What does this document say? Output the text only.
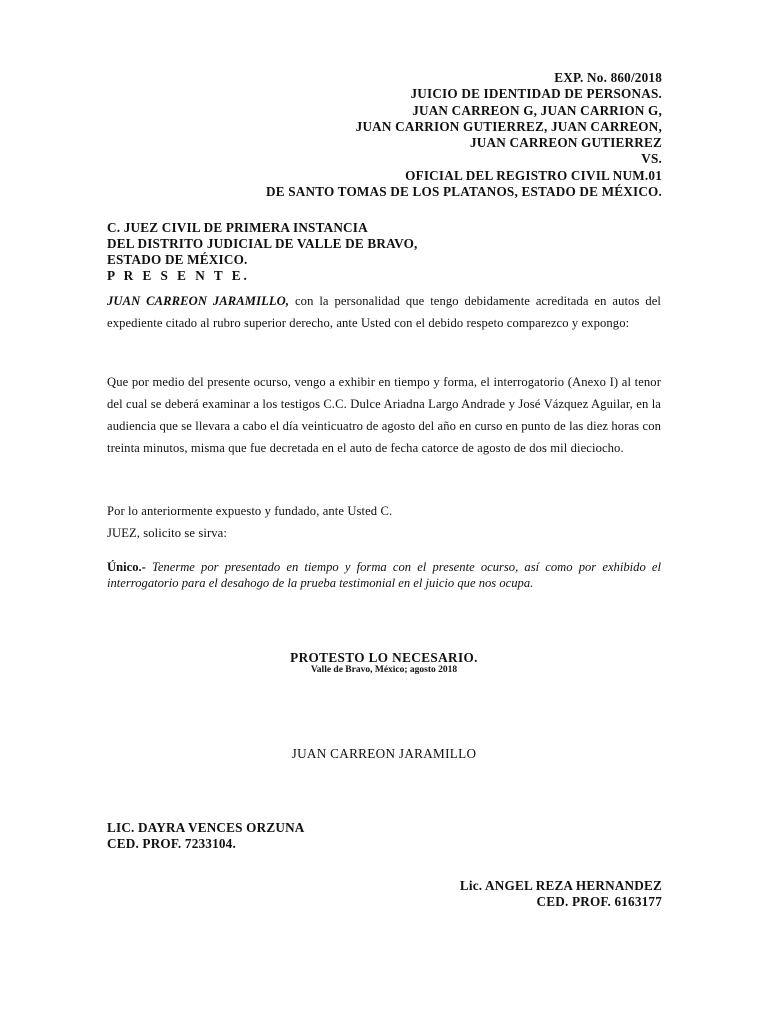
EXP. No. 860/2018
JUICIO DE IDENTIDAD DE PERSONAS.
JUAN CARREON G, JUAN CARRION G,
JUAN CARRION GUTIERREZ, JUAN CARREON,
JUAN CARREON GUTIERREZ
VS.
OFICIAL DEL REGISTRO CIVIL NUM.01
DE SANTO TOMAS DE LOS PLATANOS, ESTADO DE MÉXICO.
C. JUEZ CIVIL DE PRIMERA INSTANCIA
DEL DISTRITO JUDICIAL DE VALLE DE BRAVO,
ESTADO DE MÉXICO.
P R E S E N T E.
JUAN CARREON JARAMILLO, con la personalidad que tengo debidamente acreditada en autos del expediente citado al rubro superior derecho, ante Usted con el debido respeto comparezco y expongo:
Que por medio del presente ocurso, vengo a exhibir en tiempo y forma, el interrogatorio (Anexo I) al tenor del cual se deberá examinar a los testigos C.C. Dulce Ariadna Largo Andrade y José Vázquez Aguilar, en la audiencia que se llevara a cabo el día veinticuatro de agosto del año en curso en punto de las diez horas con treinta minutos, misma que fue decretada en el auto de fecha catorce de agosto de dos mil dieciocho.
Por lo anteriormente expuesto y fundado, ante Usted C. JUEZ, solicito se sirva:
Único.- Tenerme por presentado en tiempo y forma con el presente ocurso, así como por exhibido el interrogatorio para el desahogo de la prueba testimonial en el juicio que nos ocupa.
PROTESTO LO NECESARIO.
Valle de Bravo, México; agosto 2018
JUAN CARREON JARAMILLO
LIC. DAYRA VENCES ORZUNA
CED. PROF. 7233104.
Lic. ANGEL REZA HERNANDEZ
CED. PROF. 6163177
